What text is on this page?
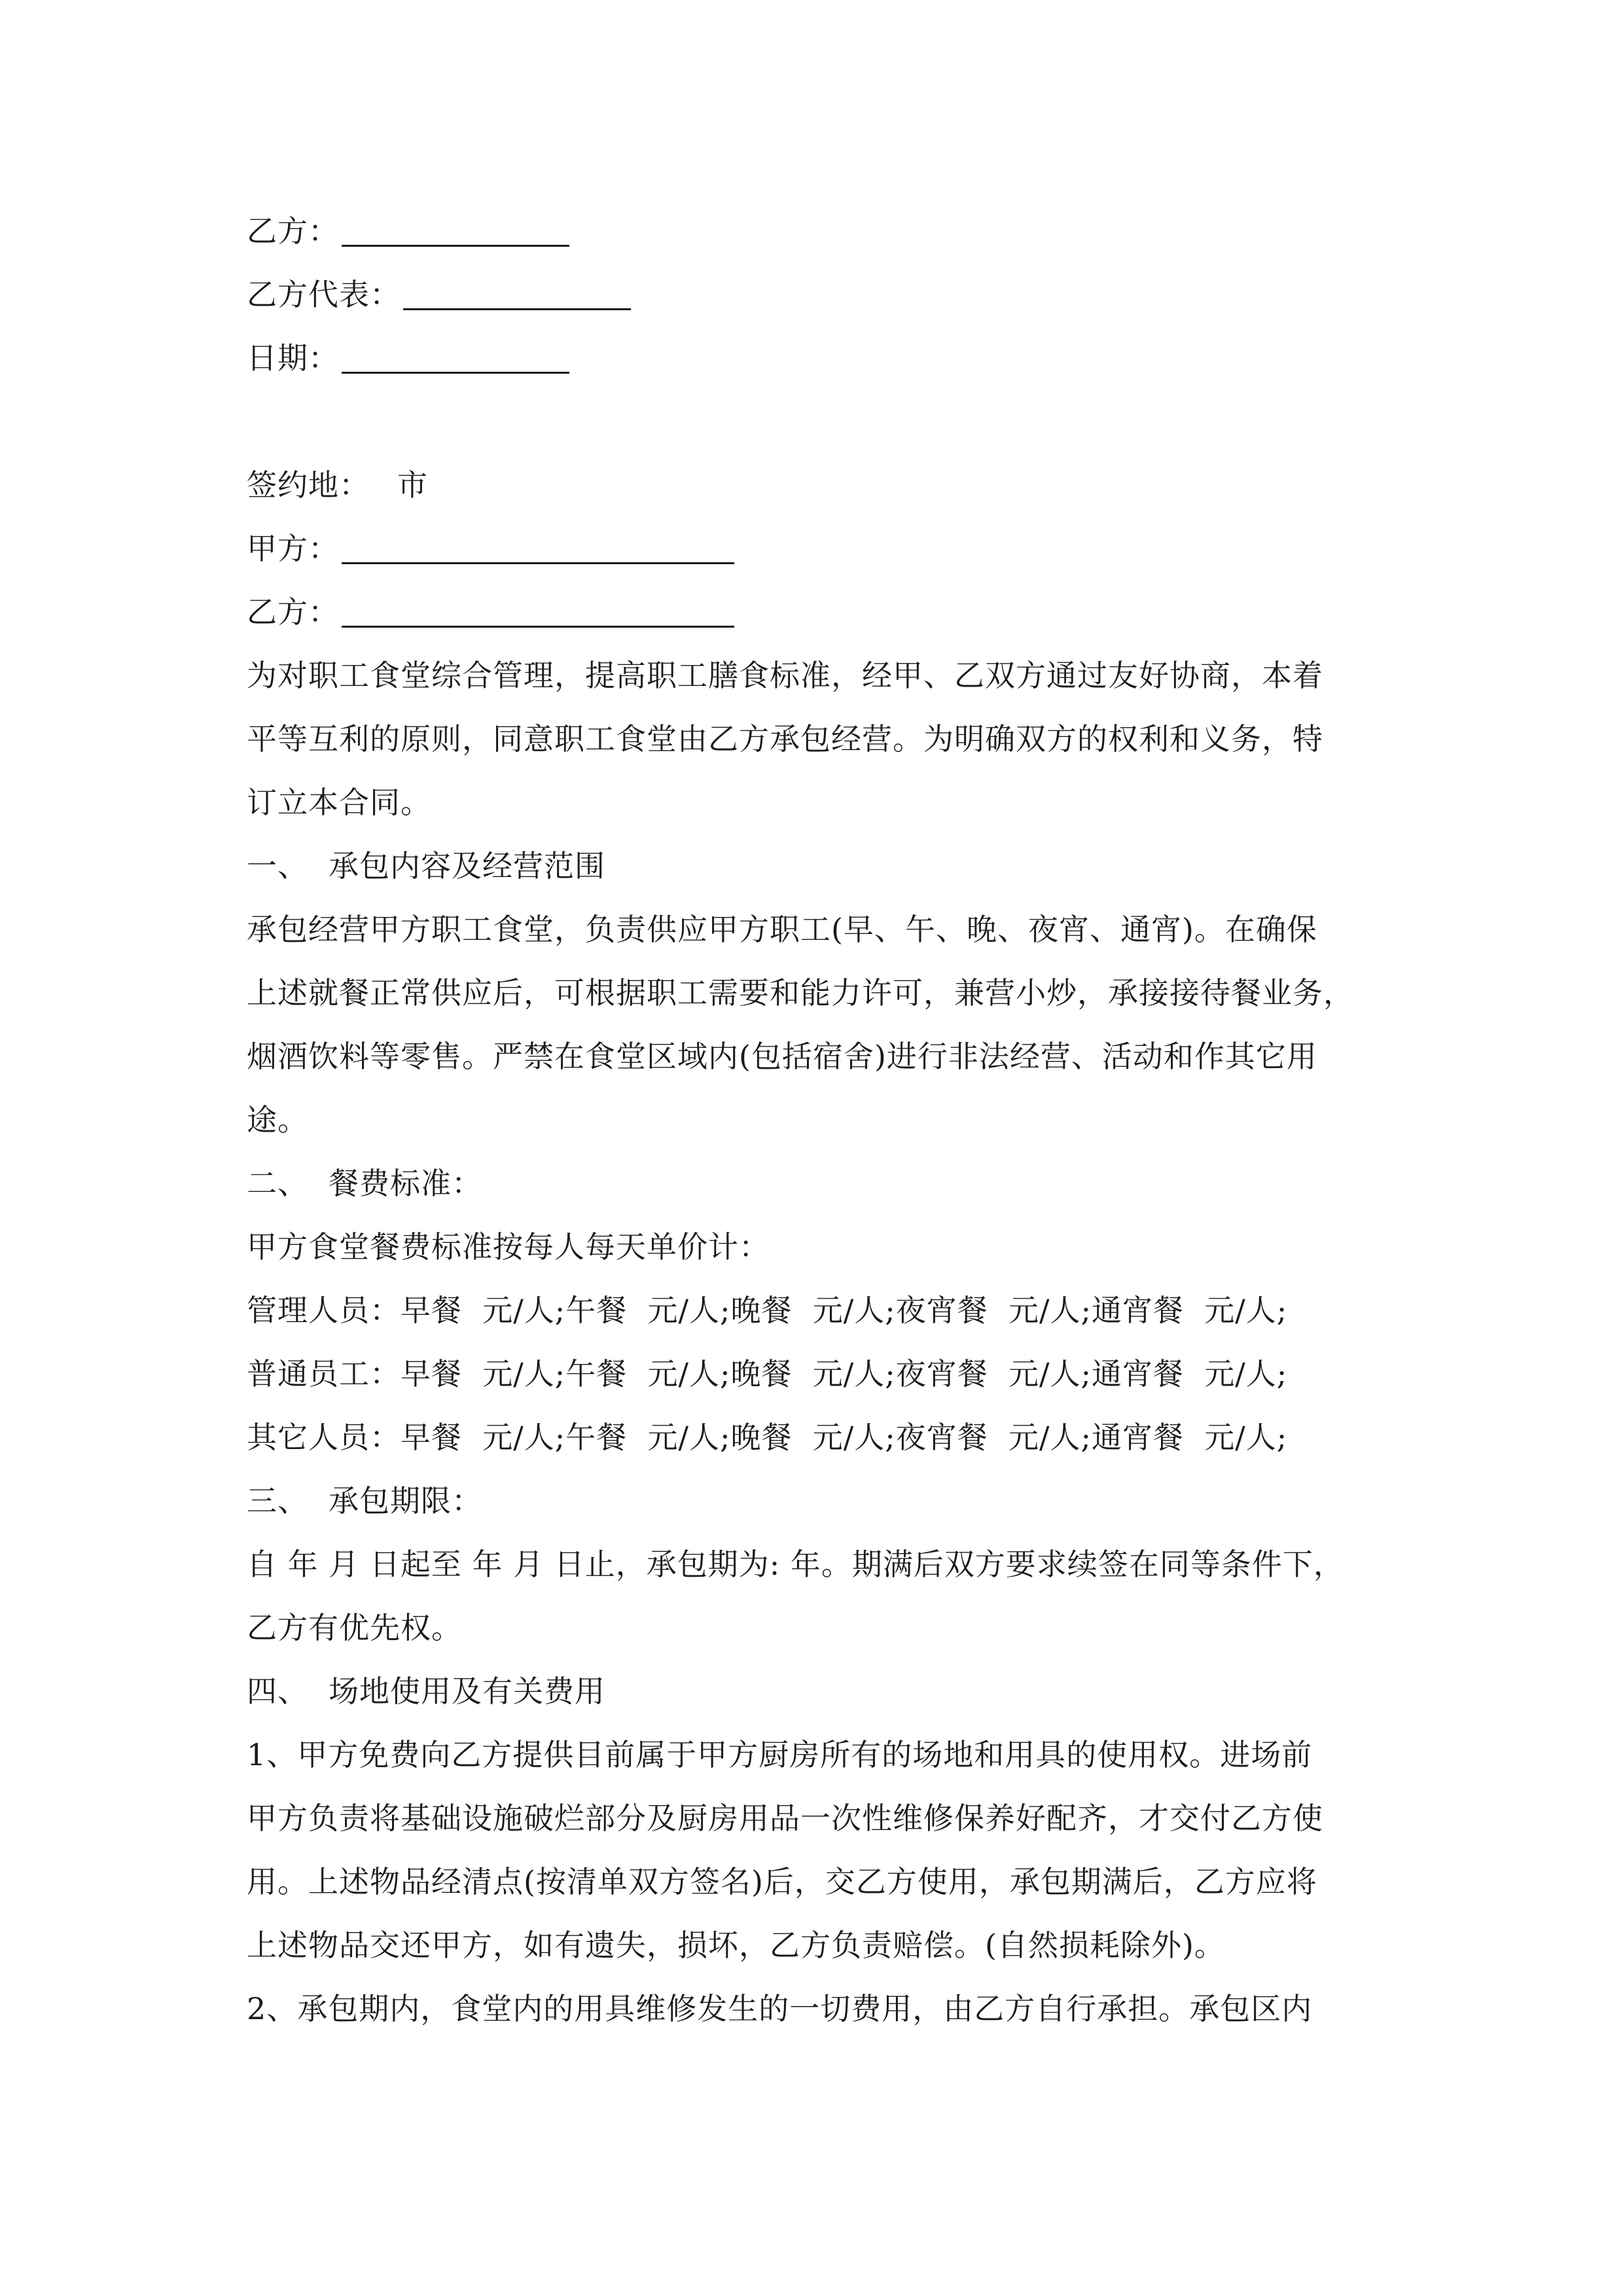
乙方：
乙方代表：
日期：
签约地： 市
甲方：
乙方：
为对职工食堂综合管理，提高职工膳食标准，经甲、乙双方通过友好协商，本着
平等互利的原则，同意职工食堂由乙方承包经营。为明确双方的权利和义务，特
订立本合同。
一、 承包内容及经营范围
承包经营甲方职工食堂，负责供应甲方职工(早、午、晚、夜宵、通宵)。在确保
上述就餐正常供应后，可根据职工需要和能力许可，兼营小炒，承接接待餐业务，
烟酒饮料等零售。严禁在食堂区域内(包括宿舍)进行非法经营、活动和作其它用
途。
二、 餐费标准：
甲方食堂餐费标准按每人每天单价计：
管理人员：早餐  元/人;午餐  元/人;晚餐  元/人;夜宵餐  元/人;通宵餐  元/人;
普通员工：早餐  元/人;午餐  元/人;晚餐  元/人;夜宵餐  元/人;通宵餐  元/人;
其它人员：早餐  元/人;午餐  元/人;晚餐  元/人;夜宵餐  元/人;通宵餐  元/人;
三、 承包期限：
自 年 月 日起至 年 月 日止，承包期为: 年。期满后双方要求续签在同等条件下，
乙方有优先权。
四、 场地使用及有关费用
1、甲方免费向乙方提供目前属于甲方厨房所有的场地和用具的使用权。进场前
甲方负责将基础设施破烂部分及厨房用品一次性维修保养好配齐，才交付乙方使
用。上述物品经清点(按清单双方签名)后，交乙方使用，承包期满后，乙方应将
上述物品交还甲方，如有遗失，损坏，乙方负责赔偿。(自然损耗除外)。
2、承包期内，食堂内的用具维修发生的一切费用，由乙方自行承担。承包区内
